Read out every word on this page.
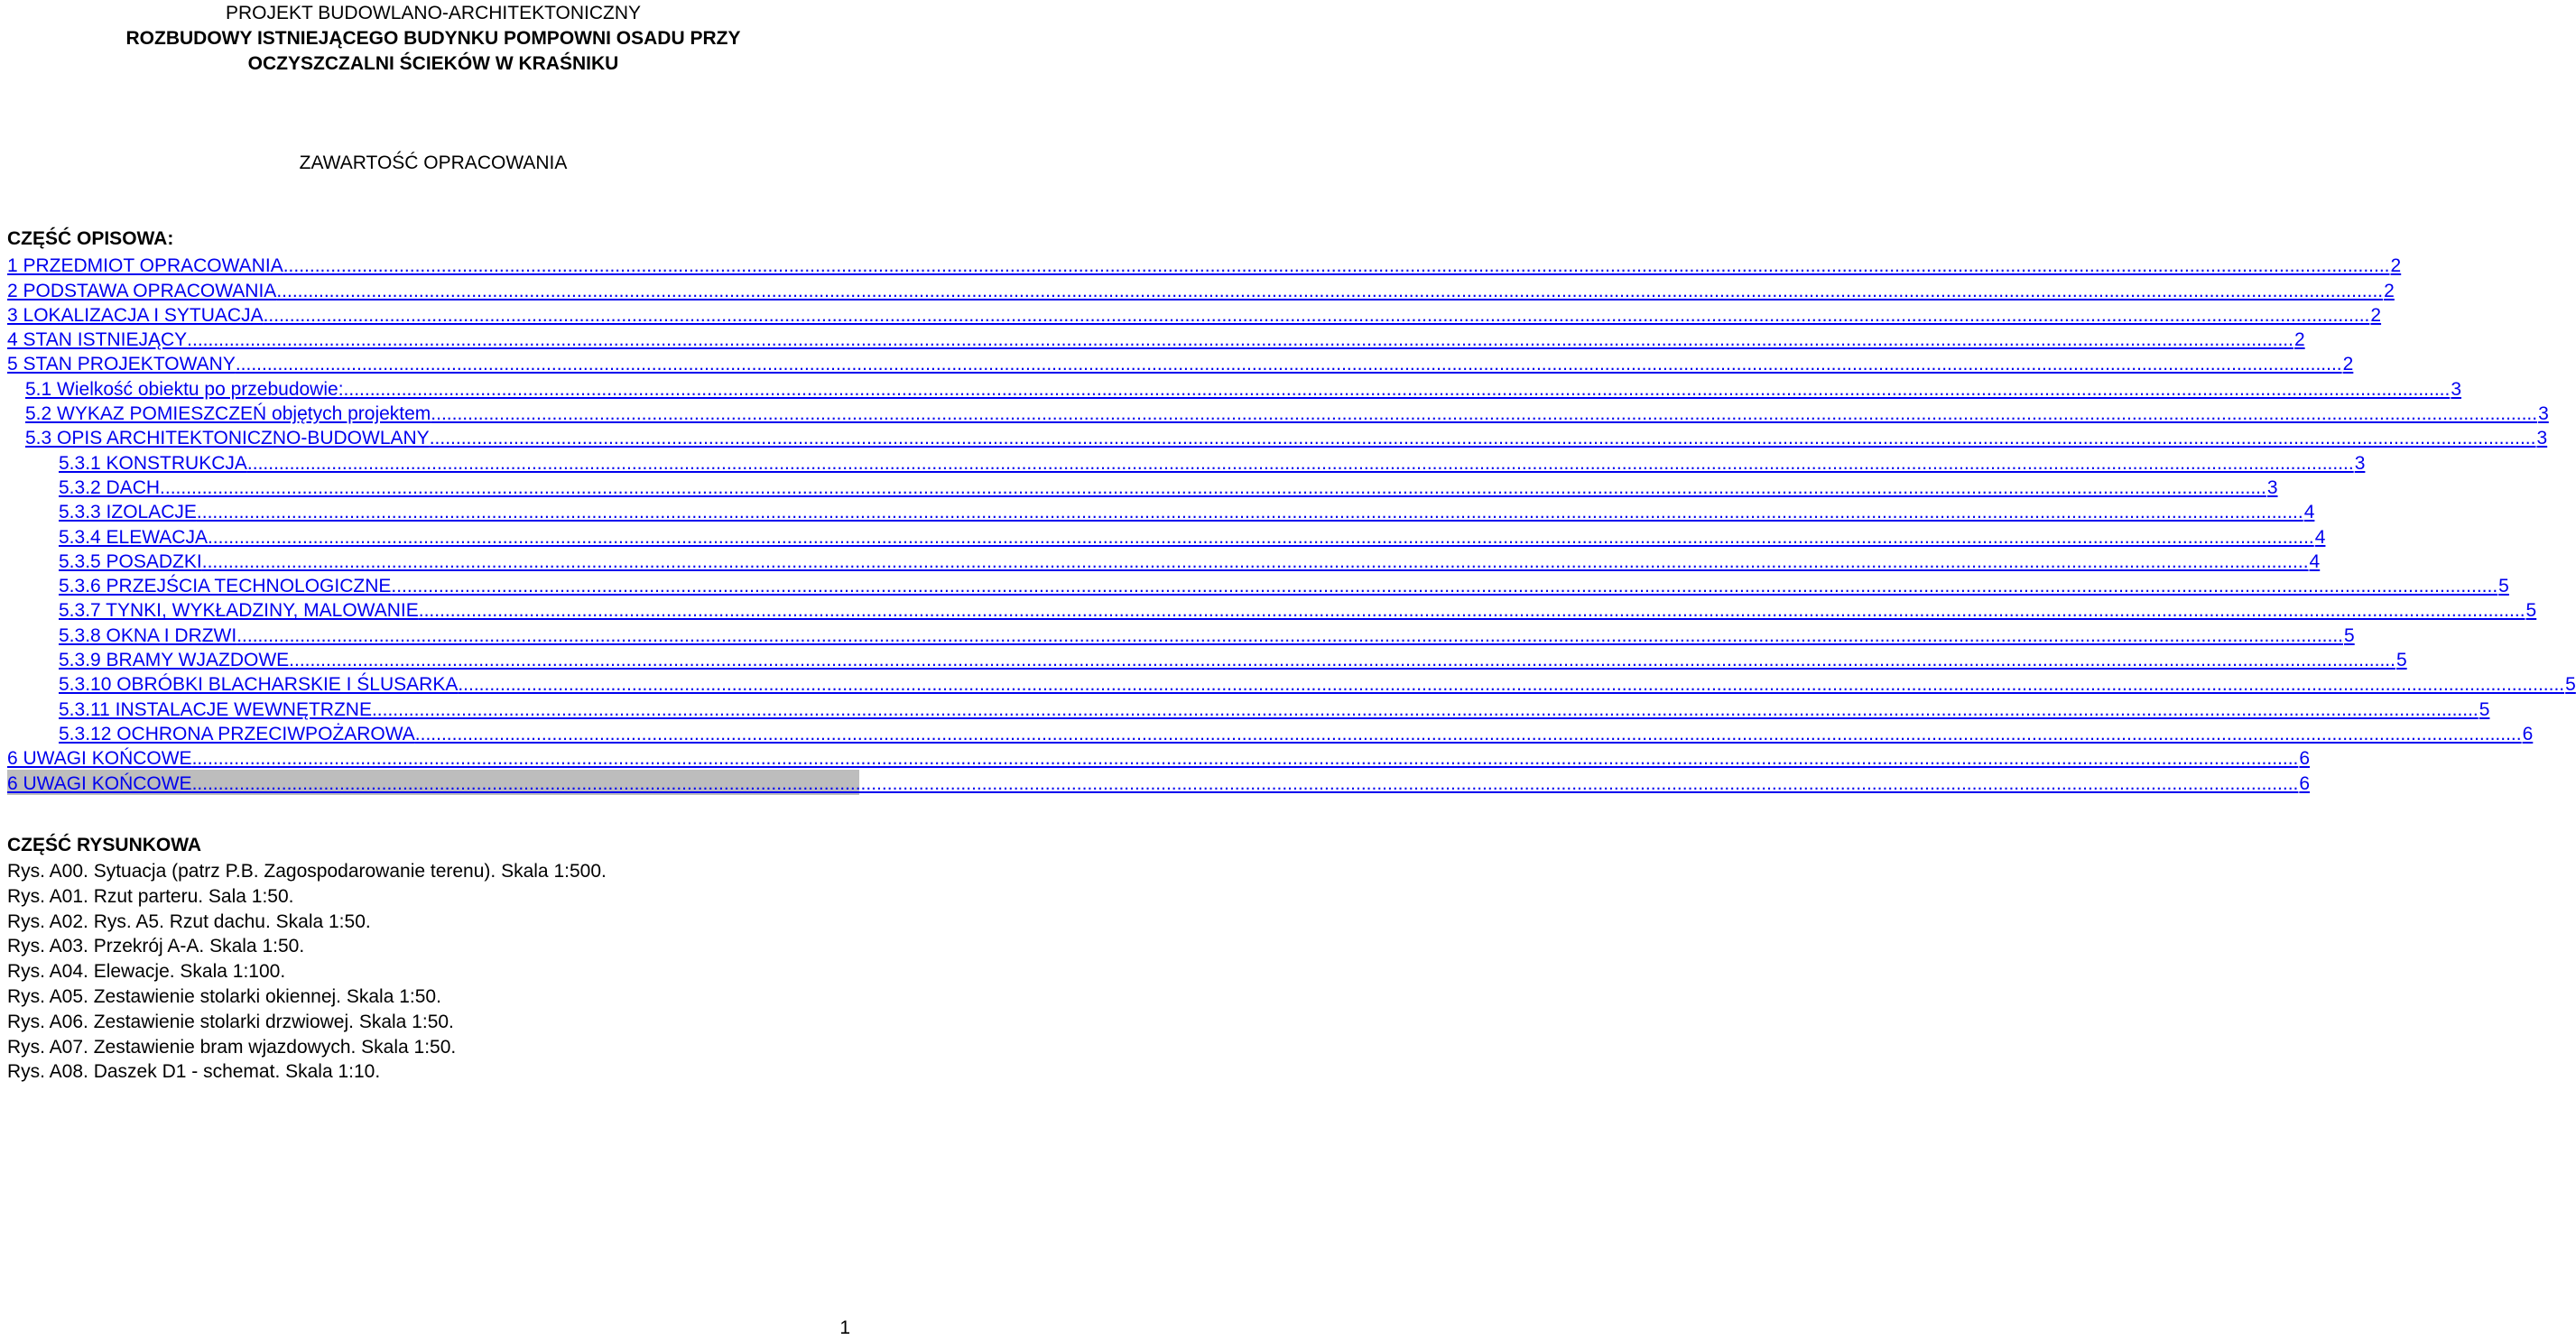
PROJEKT BUDOWLANO-ARCHITEKTONICZNY
ROZBUDOWY ISTNIEJĄCEGO BUDYNKU POMPOWNI OSADU PRZY
OCZYSZCZALNI ŚCIEKÓW W KRAŚNIKU
ZAWARTOŚĆ OPRACOWANIA
CZĘŚĆ OPISOWA:
1 PRZEDMIOT OPRACOWANIA ................................................................................................................................................................................................................................................................................................................................................................................................................ 2
2 PODSTAWA OPRACOWANIA ................................................................................................................................................................................................................................................................................................................................................................................................................ 2
3 LOKALIZACJA I SYTUACJA ................................................................................................................................................................................................................................................................................................................................................................................................................ 2
4 STAN ISTNIEJĄCY ................................................................................................................................................................................................................................................................................................................................................................................................................ 2
5 STAN PROJEKTOWANY ................................................................................................................................................................................................................................................................................................................................................................................................................ 2
5.1 Wielkość obiektu po przebudowie: ................................................................................................................................................................................................................................................................................................................................................................................................................ 3
5.2 WYKAZ POMIESZCZEŃ objętych projektem ................................................................................................................................................................................................................................................................................................................................................................................................................ 3
5.3 OPIS ARCHITEKTONICZNO-BUDOWLANY ................................................................................................................................................................................................................................................................................................................................................................................................................ 3
5.3.1 KONSTRUKCJA ................................................................................................................................................................................................................................................................................................................................................................................................................ 3
5.3.2 DACH ................................................................................................................................................................................................................................................................................................................................................................................................................ 3
5.3.3 IZOLACJE ................................................................................................................................................................................................................................................................................................................................................................................................................ 4
5.3.4 ELEWACJA ................................................................................................................................................................................................................................................................................................................................................................................................................ 4
5.3.5 POSADZKI ................................................................................................................................................................................................................................................................................................................................................................................................................ 4
5.3.6 PRZEJŚCIA TECHNOLOGICZNE ................................................................................................................................................................................................................................................................................................................................................................................................................ 5
5.3.7 TYNKI, WYKŁADZINY, MALOWANIE ................................................................................................................................................................................................................................................................................................................................................................................................................ 5
5.3.8 OKNA I DRZWI ................................................................................................................................................................................................................................................................................................................................................................................................................ 5
5.3.9 BRAMY WJAZDOWE ................................................................................................................................................................................................................................................................................................................................................................................................................ 5
5.3.10 OBRÓBKI BLACHARSKIE I ŚLUSARKA ................................................................................................................................................................................................................................................................................................................................................................................................................ 5
5.3.11 INSTALACJE WEWNĘTRZNE ................................................................................................................................................................................................................................................................................................................................................................................................................ 5
5.3.12 OCHRONA PRZECIWPOŻAROWA ................................................................................................................................................................................................................................................................................................................................................................................................................ 6
6 UWAGI KOŃCOWE ................................................................................................................................................................................................................................................................................................................................................................................................................ 6
6 UWAGI KOŃCOWE ................................................................................................................................................................................................................................................................................................................................................................................................................ 6
CZĘŚĆ RYSUNKOWA
Rys. A00. Sytuacja (patrz P.B. Zagospodarowanie terenu). Skala 1:500.
Rys. A01. Rzut parteru. Sala 1:50.
Rys. A02. Rys. A5. Rzut dachu. Skala 1:50.
Rys. A03. Przekrój A-A. Skala 1:50.
Rys. A04. Elewacje. Skala 1:100.
Rys. A05. Zestawienie stolarki okiennej. Skala 1:50.
Rys. A06. Zestawienie stolarki drzwiowej. Skala 1:50.
Rys. A07. Zestawienie bram wjazdowych. Skala 1:50.
Rys. A08. Daszek D1 - schemat. Skala 1:10.
1
